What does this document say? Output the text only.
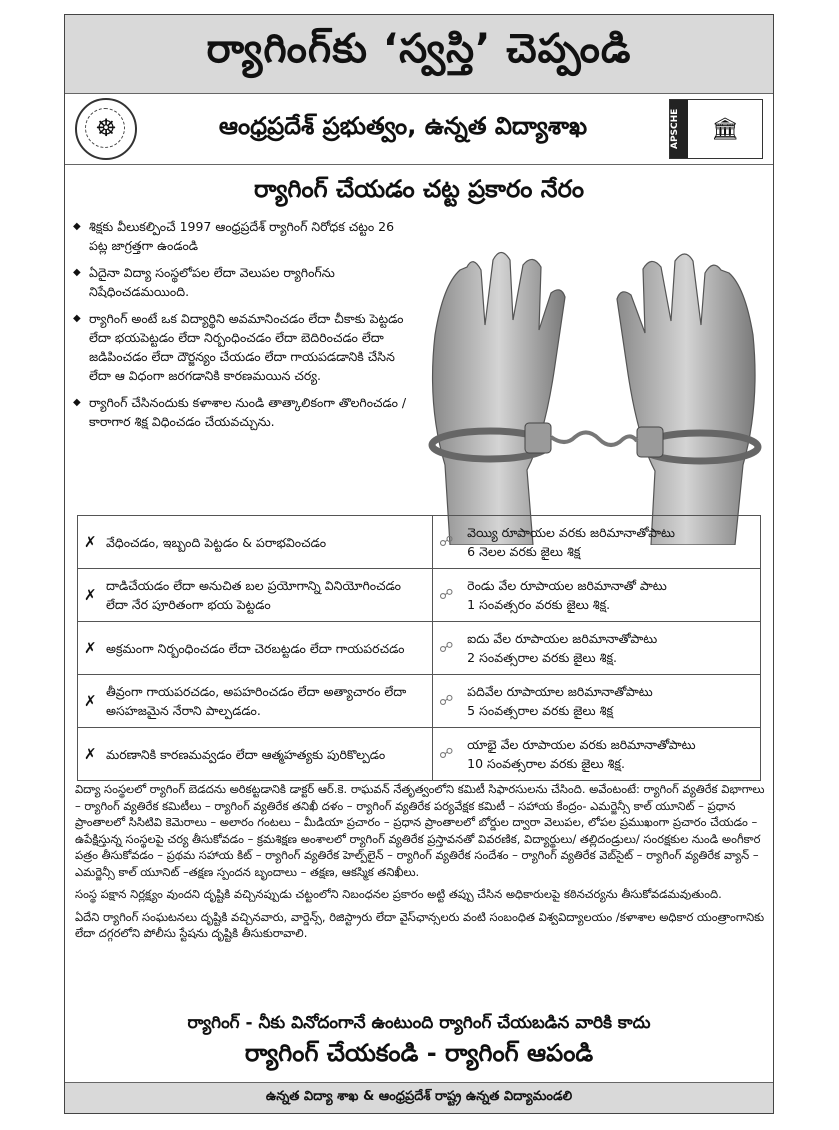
ర్యాగింగ్‌కు ‘స్వస్తి’ చెప్పండి
☸
ఆంధ్రప్రదేశ్ ప్రభుత్వం, ఉన్నత విద్యాశాఖ	APSCHE	🏛
ర్యాగింగ్ చేయడం చట్ట ప్రకారం నేరం
◆ శిక్షకు వీలుకల్పించే 1997 ఆంధ్రప్రదేశ్ ర్యాగింగ్ నిరోధక చట్టం 26 పట్ల జాగ్రత్తగా ఉండండి
◆ ఏదైనా విద్యా సంస్థలోపల లేదా వెలుపల ర్యాగింగ్‌ను నిషేధించడమయింది.
◆ ర్యాగింగ్ అంటే ఒక విద్యార్థిని అవమానించడం లేదా చీకాకు పెట్టడం లేదా భయపెట్టడం లేదా నిర్బంధించడం లేదా బెదిరించడం లేదా జడిపించడం లేదా దౌర్జన్యం చేయడం లేదా గాయపడడానికి చేసిన లేదా ఆ విధంగా జరగడానికి కారణమయిన చర్య.
◆ ర్యాగింగ్ చేసినందుకు కళాశాల నుండి తాత్కాలికంగా తొలగించడం / కారాగార శిక్ష విధించడం చేయవచ్చును.
✗ వేధించడం, ఇబ్బంది పెట్టడం & పరాభవించడం	☍
వెయ్యి రూపాయల వరకు జరిమానాతోపాటు
6 నెలల వరకు జైలు శిక్ష

✗ దాడిచేయడం లేదా అనుచిత బల ప్రయోగాన్ని వినియోగించడం లేదా నేర పూరితంగా భయ పెట్టడం	☍
రెండు వేల రూపాయల జరిమానాతో పాటు
1 సంవత్సరం వరకు జైలు శిక్ష.

✗ అక్రమంగా నిర్బంధించడం లేదా చెరబట్టడం లేదా గాయపరచడం	☍
ఐదు వేల రూపాయల జరిమానాతోపాటు
2 సంవత్సరాల వరకు జైలు శిక్ష.

✗ తీవ్రంగా గాయపరచడం, అపహరించడం లేదా అత్యాచారం లేదా అసహజమైన నేరాని పాల్పడడం.	☍
పదివేల రూపాయాల జరిమానాతోపాటు
5 సంవత్సరాల వరకు జైలు శిక్ష

✗ మరణానికి కారణమవ్వడం లేదా ఆత్మహత్యకు పురికొల్పడం	☍
యాభై వేల రూపాయల వరకు జరిమానాతోపాటు
10 సంవత్సరాల వరకు జైలు శిక్ష.

విద్యా సంస్థలలో ర్యాగింగ్ బెడదను అరికట్టడానికి డాక్టర్ ఆర్.కె. రాఘవన్ నేతృత్వంలోని కమిటీ సిఫారసులను చేసింది. అవేంటంటే: ర్యాగింగ్ వ్యతిరేక విభాగాలు – ర్యాగింగ్ వ్యతిరేక కమిటీలు – ర్యాగింగ్ వ్యతిరేక తనిఖీ దళం – ర్యాగింగ్ వ్యతిరేక పర్యవేక్షక కమిటీ – సహాయ కేంద్రం- ఎమర్జెన్సీ కాల్ యూనిట్ – ప్రధాన ప్రాంతాలలో సిసిటివి కెమెరాలు – అలారం గంటలు – మీడియా ప్రచారం – ప్రధాన ప్రాంతాలలో బోర్డుల ద్వారా వెలుపల, లోపల ప్రముఖంగా ప్రచారం చేయడం – ఉపేక్షిస్తున్న సంస్థలపై చర్య తీసుకోవడం – క్రమశిక్షణ అంశాలలో ర్యాగింగ్ వ్యతిరేక ప్రస్తావనతో వివరణిక, విద్యార్థులు/ తల్లిదండ్రులు/ సంరక్షకుల నుండి అంగీకార పత్రం తీసుకోవడం – ప్రథమ సహాయ కిట్ – ర్యాగింగ్ వ్యతిరేక హెల్ప్‌లైన్ – ర్యాగింగ్ వ్యతిరేక సందేశం – ర్యాగింగ్ వ్యతిరేక వెబ్‌సైట్ – ర్యాగింగ్ వ్యతిరేక వ్యాన్ – ఎమర్జెన్సీ కాల్ యూనిట్ –తక్షణ స్పందన బృందాలు – తక్షణ, ఆకస్మిక తనిఖీలు.

సంస్థ పక్షాన నిర్లక్ష్యం వుందని దృష్టికి వచ్చినప్పుడు చట్టంలోని నిబంధనల ప్రకారం అట్టి తప్పు చేసిన అధికారులపై కఠినచర్యను తీసుకోవడమవుతుంది.

ఏదేని ర్యాగింగ్ సంఘటనలు దృష్టికి వచ్చినవారు, వార్డెన్స్, రిజిస్ట్రారు లేదా వైస్‌ఛాన్సలరు వంటి సంబంధిత విశ్వవిద్యాలయం /కళాశాల అధికార యంత్రాంగానికు లేదా దగ్గరలోని పోలీసు స్టేషను దృష్టికి తీసుకురావాలి.

ర్యాగింగ్ - నీకు వినోదంగానే ఉంటుంది ర్యాగింగ్ చేయబడిన వారికి కాదు
ర్యాగింగ్ చేయకండి - ర్యాగింగ్ ఆపండి
ఉన్నత విద్యా శాఖ & ఆంధ్రప్రదేశ్ రాష్ట్ర ఉన్నత విద్యామండలి
